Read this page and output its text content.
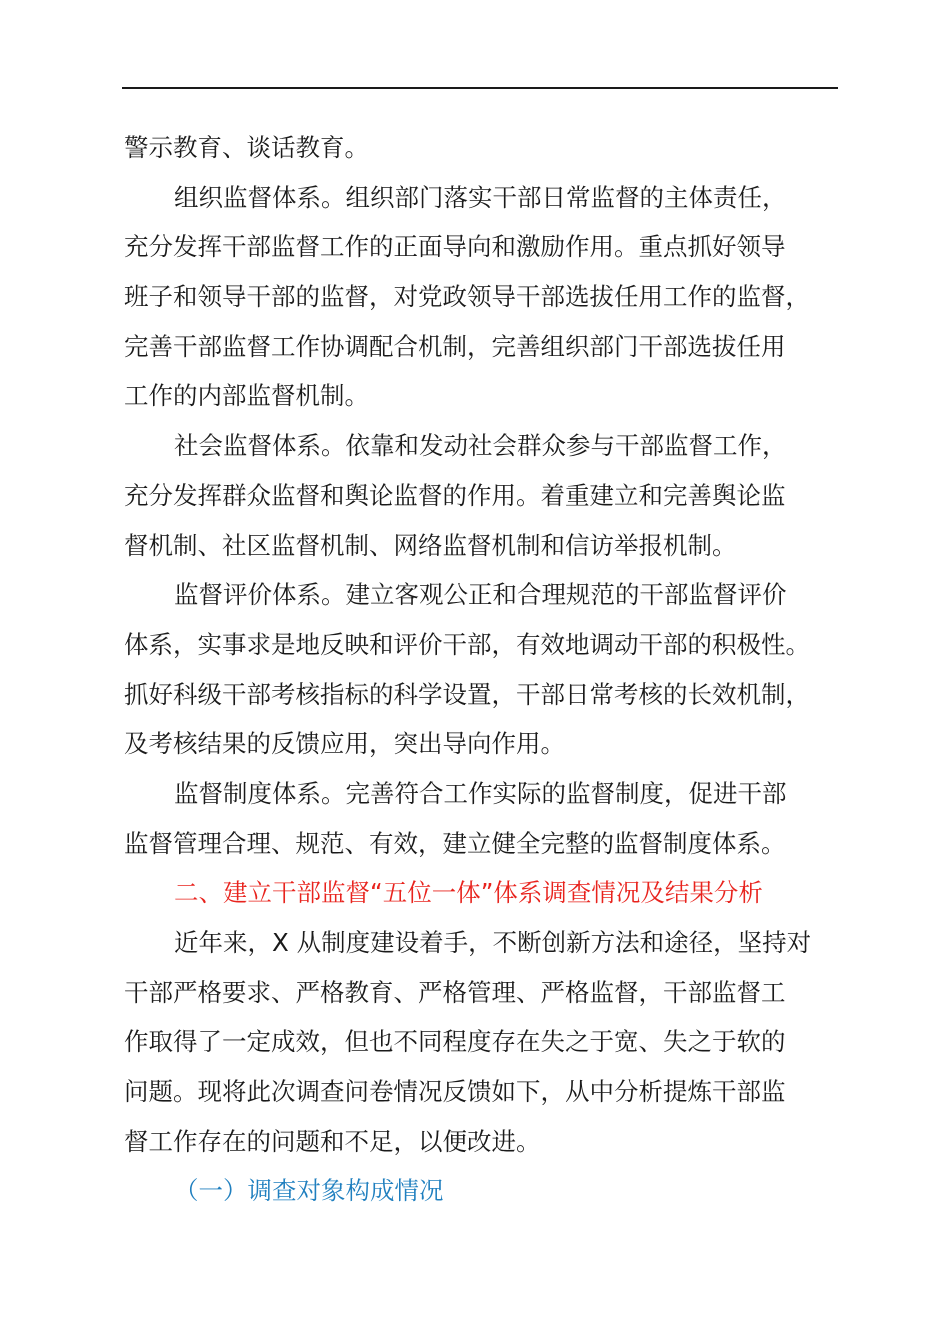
警示教育、谈话教育。
组织监督体系。组织部门落实干部日常监督的主体责任，
充分发挥干部监督工作的正面导向和激励作用。重点抓好领导
班子和领导干部的监督，对党政领导干部选拔任用工作的监督，
完善干部监督工作协调配合机制，完善组织部门干部选拔任用
工作的内部监督机制。
社会监督体系。依靠和发动社会群众参与干部监督工作，
充分发挥群众监督和舆论监督的作用。着重建立和完善舆论监
督机制、社区监督机制、网络监督机制和信访举报机制。
监督评价体系。建立客观公正和合理规范的干部监督评价
体系，实事求是地反映和评价干部，有效地调动干部的积极性。
抓好科级干部考核指标的科学设置，干部日常考核的长效机制，
及考核结果的反馈应用，突出导向作用。
监督制度体系。完善符合工作实际的监督制度，促进干部
监督管理合理、规范、有效，建立健全完整的监督制度体系。
二、建立干部监督“五位一体”体系调查情况及结果分析
近年来，X 从制度建设着手，不断创新方法和途径，坚持对
干部严格要求、严格教育、严格管理、严格监督，干部监督工
作取得了一定成效，但也不同程度存在失之于宽、失之于软的
问题。现将此次调查问卷情况反馈如下，从中分析提炼干部监
督工作存在的问题和不足，以便改进。
（一）调查对象构成情况
